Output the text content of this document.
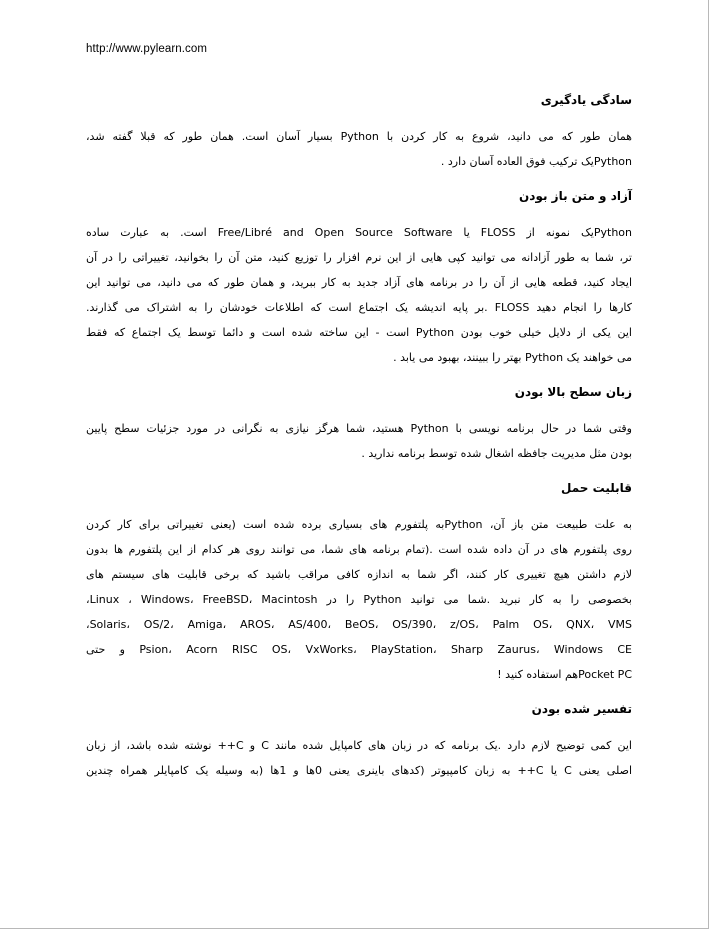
http://www.pylearn.com
سادگی یادگیری
همان طور که می دانید، شروع به کار کردن با Python بسیار آسان است. همان طور که قبلا گفته شد،
Pythonیک ترکیب فوق العاده آسان دارد .
آزاد و متن باز بودن
Pythonیک نمونه از FLOSS یا Free/Libré and Open Source Software است. به عبارت ساده
تر، شما به طور آزادانه می توانید کپی هایی از این نرم افزار را توزیع کنید، متن آن را بخوانید، تغییراتی را در آن
ایجاد کنید، قطعه هایی از آن را در برنامه های آزاد جدید به کار ببرید، و همان طور که می دانید، می توانید این
کارها را انجام دهید FLOSS .بر پایه اندیشه یک اجتماع است که اطلاعات خودشان را به اشتراک می گذارند.
این یکی از دلایل خیلی خوب بودن Python است - این ساخته شده است و دائما توسط یک اجتماع که فقط
می خواهند یک Python بهتر را ببینند، بهبود می یابد .
زبان سطح بالا بودن
وقتی شما در حال برنامه نویسی با Python هستید، شما هرگز نیازی به نگرانی در مورد جزئیات سطح پایین
بودن مثل مدیریت جافظه اشغال شده توسط برنامه ندارید .
قابلیت حمل
به علت طبیعت متن باز آن، Pythonبه پلتفورم های بسیاری برده شده است (یعنی تغییراتی برای کار کردن
روی پلتفورم های در آن داده شده است .(تمام برنامه های شما، می توانند روی هر کدام از این پلتفورم ها بدون
لازم داشتن هیچ تغییری کار کنند، اگر شما به اندازه کافی مراقب باشید که برخی قابلیت های سیستم های
بخصوصی را به کار نبرید .شما می توانید Python را در Linux ، Windows، FreeBSD، Macintosh،
Solaris، OS/2، Amiga، AROS، AS/400، BeOS، OS/390، z/OS، Palm OS، QNX، VMS،
Psion، Acorn RISC OS، VxWorks، PlayStation، Sharp Zaurus، Windows CE و حتی
Pocket PCهم استفاده کنید !
تفسیر شده بودن
این کمی توضیح لازم دارد .یک برنامه که در زبان های کامپایل شده مانند C و C++ نوشته شده باشد، از زبان
اصلی یعنی C یا C++ به زبان کامپیوتر (کدهای باینری یعنی 0ها و 1ها (به وسیله یک کامپایلر همراه چندین
